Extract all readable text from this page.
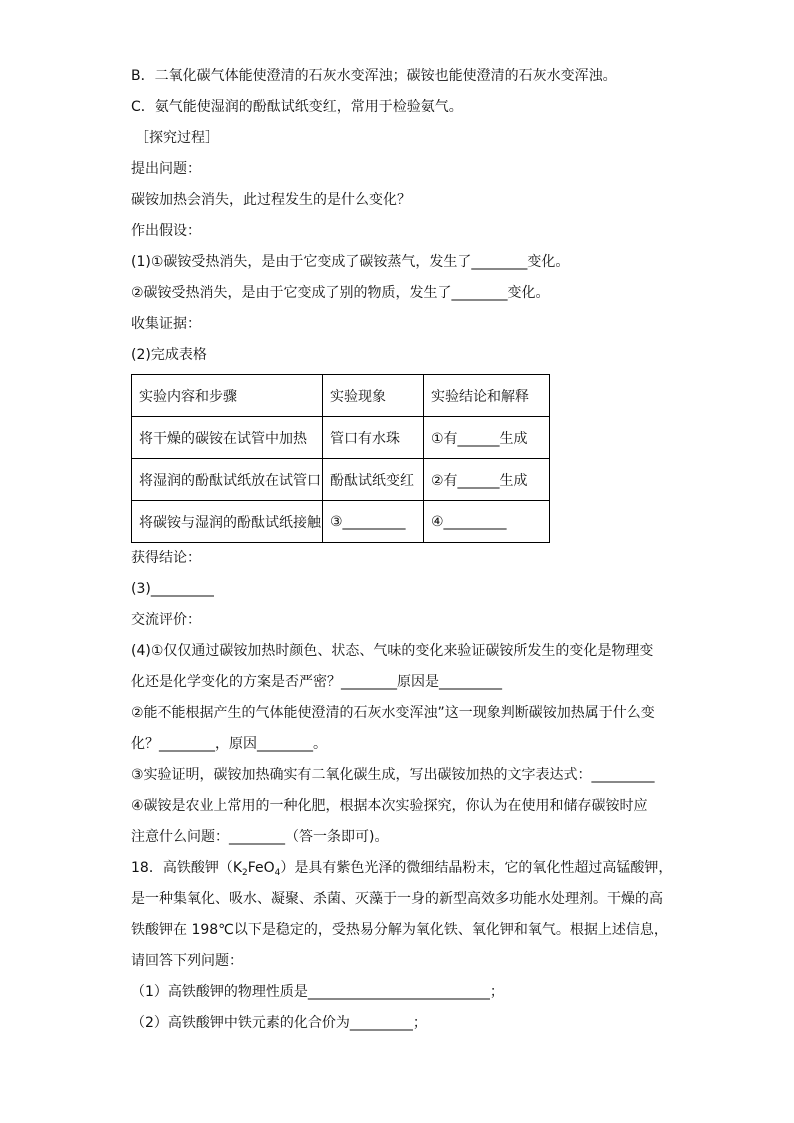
B．二氧化碳气体能使澄清的石灰水变浑浊；碳铵也能使澄清的石灰水变浑浊。
C．氨气能使湿润的酚酞试纸变红，常用于检验氨气。
［探究过程］
提出问题：
碳铵加热会消失，此过程发生的是什么变化？
作出假设：
(1)①碳铵受热消失，是由于它变成了碳铵蒸气，发生了________变化。
②碳铵受热消失，是由于它变成了别的物质，发生了________变化。
收集证据：
(2)完成表格
实验内容和步骤	实验现象	实验结论和解释
将干燥的碳铵在试管中加热	管口有水珠	①有______生成
将湿润的酚酞试纸放在试管口	酚酞试纸变红	②有______生成
将碳铵与湿润的酚酞试纸接触	③_________	④_________
获得结论：
(3)_________
交流评价：
(4)①仅仅通过碳铵加热时颜色、状态、气味的变化来验证碳铵所发生的变化是物理变
化还是化学变化的方案是否严密？________原因是_________
②能不能根据产生的气体能使澄清的石灰水变浑浊”这一现象判断碳铵加热属于什么变
化？________，原因________。
③实验证明，碳铵加热确实有二氧化碳生成，写出碳铵加热的文字表达式：_________
④碳铵是农业上常用的一种化肥，根据本次实验探究，你认为在使用和储存碳铵时应
注意什么问题：________（答一条即可)。
18．高铁酸钾$(K_2FeO_4)$是具有紫色光泽的微细结晶粉末，它的氧化性超过高锰酸钾，
是一种集氧化、吸水、凝聚、杀菌、灭藻于一身的新型高效多功能水处理剂。干燥的高
铁酸钾在 198℃以下是稳定的，受热易分解为氧化铁、氧化钾和氧气。根据上述信息，
请回答下列问题：
（1）高铁酸钾的物理性质是__________________________；
（2）高铁酸钾中铁元素的化合价为_________；
